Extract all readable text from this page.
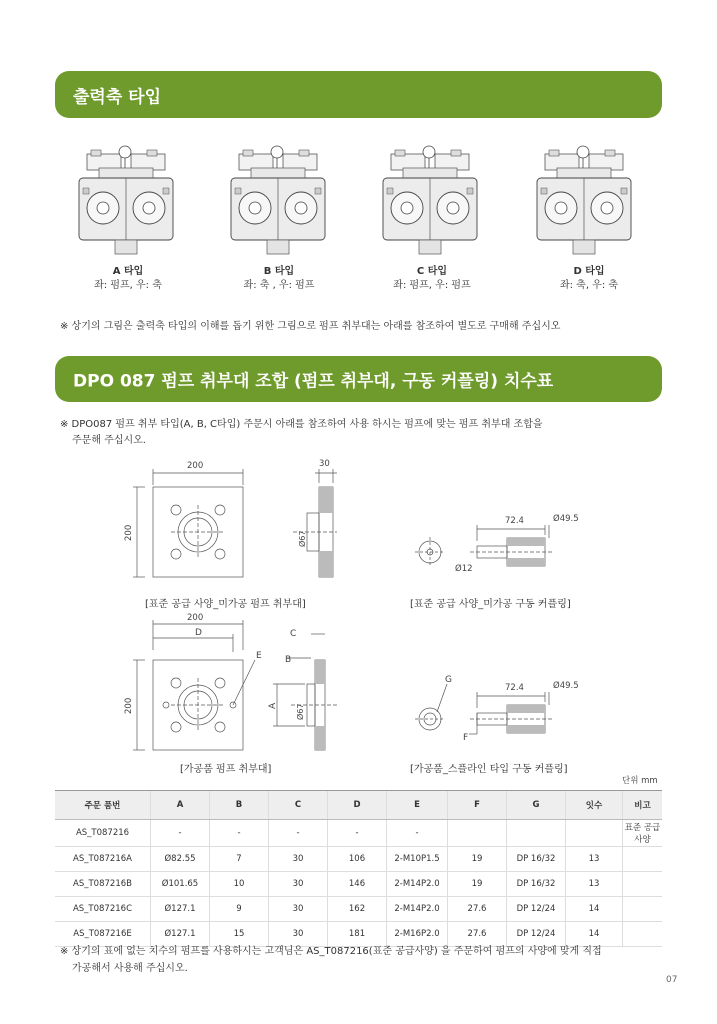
출력축 타입
A 타입
좌: 펌프, 우: 축
B 타입
좌: 축 , 우: 펌프
C 타입
좌: 펌프, 우: 펌프
D 타입
좌: 축, 우: 축
※ 상기의 그림은 출력축 타입의 이해를 돕기 위한 그림으로 펌프 취부대는 아래를 참조하여 별도로 구매해 주십시오
DPO 087 펌프 취부대 조합 (펌프 취부대, 구동 커플링) 치수표
※ DPO087 펌프 취부 타입(A, B, C타입) 주문시 아래를 참조하여 사용 하시는 펌프에 맞는 펌프 취부대 조합을
주문해 주십시오.
200
200
30
Ø67
[표준 공급 사양_미가공 펌프 취부대]
72.4	Ø49.5
Ø12
[표준 공급 사양_미가공 구동 커플링]
200
200	Ø67
D	C
E	B
A
[가공품 펌프 취부대]
72.4	Ø49.5
G
F
[가공품_스플라인 타입 구동 커플링]
단위 mm
주문 품번	A	B	C	D	E	F	G	잇수	비고
AS_T087216	-	-	-	-	-				표준 공급 사양
AS_T087216A	Ø82.55	7	30	106	2-M10P1.5	19	DP 16/32	13	
AS_T087216B	Ø101.65	10	30	146	2-M14P2.0	19	DP 16/32	13	
AS_T087216C	Ø127.1	9	30	162	2-M14P2.0	27.6	DP 12/24	14	
AS_T087216E	Ø127.1	15	30	181	2-M16P2.0	27.6	DP 12/24	14	
※ 상기의 표에 없는 치수의 펌프를 사용하시는 고객님은 AS_T087216(표준 공급사양) 을 주문하여 펌프의 사양에 맞게 직접
가공해서 사용해 주십시오.
07
